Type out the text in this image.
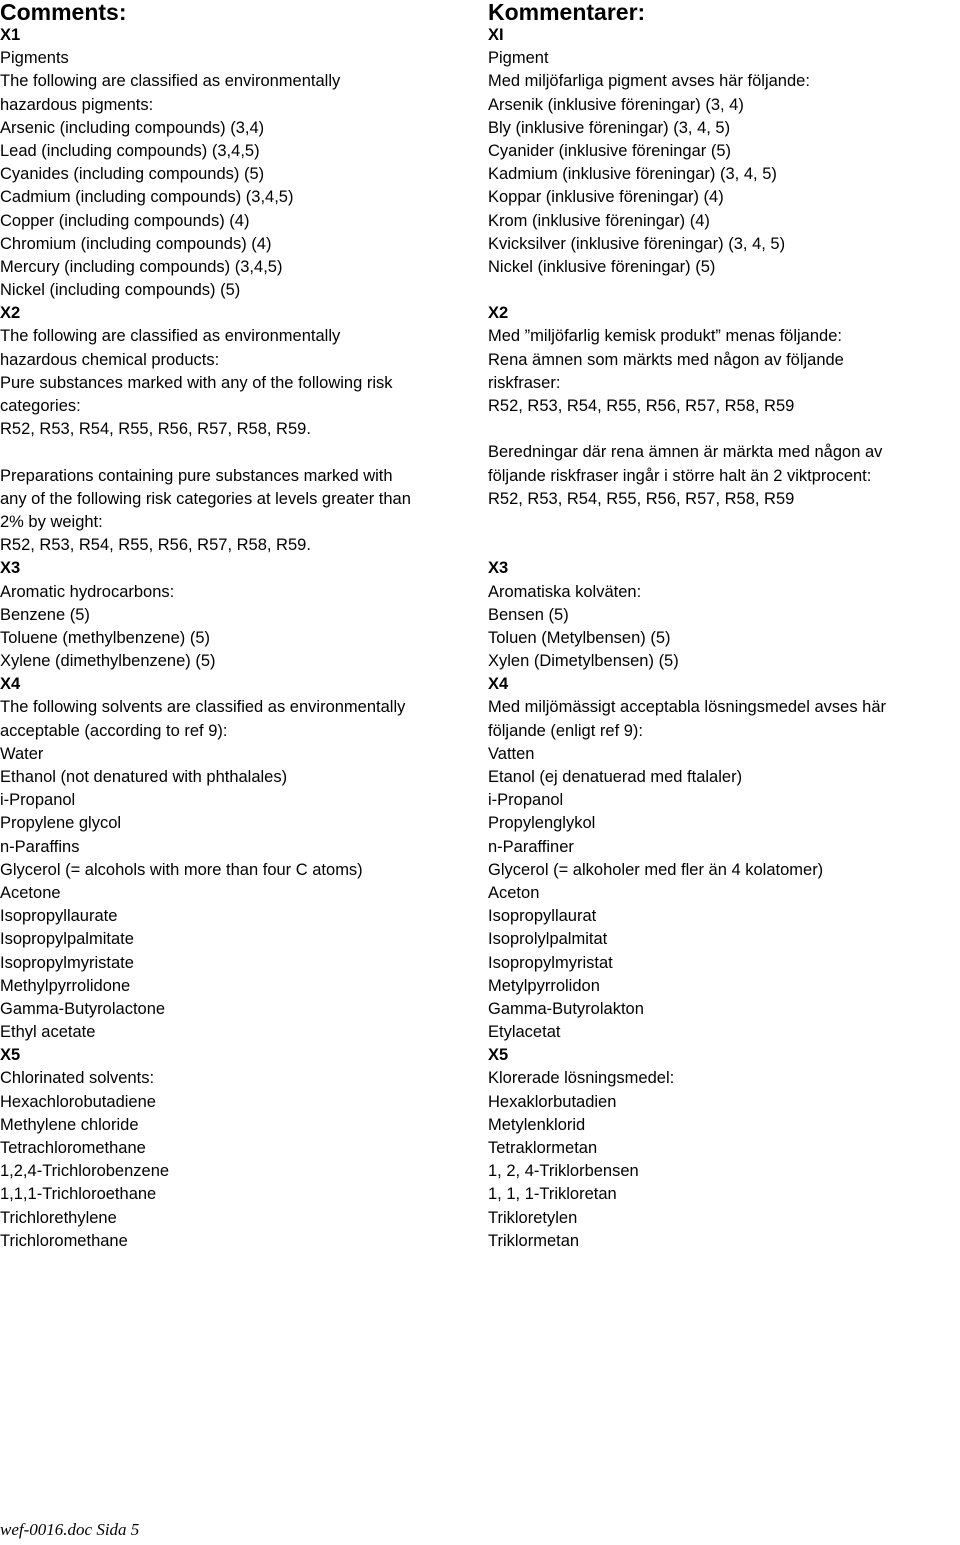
Comments:
X1
Pigments
The following are classified as environmentally
hazardous pigments:
Arsenic (including compounds) (3,4)
Lead (including compounds) (3,4,5)
Cyanides (including compounds) (5)
Cadmium (including compounds) (3,4,5)
Copper (including compounds) (4)
Chromium (including compounds) (4)
Mercury (including compounds) (3,4,5)
Nickel (including compounds) (5)
X2
The following are classified as environmentally
hazardous chemical products:
Pure substances marked with any of the following risk
categories:
R52, R53, R54, R55, R56, R57, R58, R59.
Preparations containing pure substances marked with
any of the following risk categories at levels greater than
2% by weight:
R52, R53, R54, R55, R56, R57, R58, R59.
X3
Aromatic hydrocarbons:
Benzene (5)
Toluene (methylbenzene) (5)
Xylene (dimethylbenzene) (5)
X4
The following solvents are classified as environmentally
acceptable (according to ref 9):
Water
Ethanol (not denatured with phthalales)
i-Propanol
Propylene glycol
n-Paraffins
Glycerol (= alcohols with more than four C atoms)
Acetone
Isopropyllaurate
Isopropylpalmitate
Isopropylmyristate
Methylpyrrolidone
Gamma-Butyrolactone
Ethyl acetate
X5
Chlorinated solvents:
Hexachlorobutadiene
Methylene chloride
Tetrachloromethane
1,2,4-Trichlorobenzene
1,1,1-Trichloroethane
Trichlorethylene
Trichloromethane
Kommentarer:
XI
Pigment
Med miljöfarliga pigment avses här följande:
Arsenik (inklusive föreningar) (3, 4)
Bly (inklusive föreningar) (3, 4, 5)
Cyanider (inklusive föreningar (5)
Kadmium (inklusive föreningar) (3, 4, 5)
Koppar (inklusive föreningar) (4)
Krom (inklusive föreningar) (4)
Kvicksilver (inklusive föreningar) (3, 4, 5)
Nickel (inklusive föreningar) (5)
X2
Med ”miljöfarlig kemisk produkt” menas följande:
Rena ämnen som märkts med någon av följande
riskfraser:
R52, R53, R54, R55, R56, R57, R58, R59
Beredningar där rena ämnen är märkta med någon av
följande riskfraser ingår i större halt än 2 viktprocent:
R52, R53, R54, R55, R56, R57, R58, R59
X3
Aromatiska kolväten:
Bensen (5)
Toluen (Metylbensen) (5)
Xylen (Dimetylbensen) (5)
X4
Med miljömässigt acceptabla lösningsmedel avses här
följande (enligt ref 9):
Vatten
Etanol (ej denatuerad med ftalaler)
i-Propanol
Propylenglykol
n-Paraffiner
Glycerol (= alkoholer med fler än 4 kolatomer)
Aceton
Isopropyllaurat
Isoprolylpalmitat
Isopropylmyristat
Metylpyrrolidon
Gamma-Butyrolakton
Etylacetat
X5
Klorerade lösningsmedel:
Hexaklorbutadien
Metylenklorid
Tetraklormetan
1, 2, 4-Triklorbensen
1, 1, 1-Trikloretan
Trikloretylen
Triklormetan
wef-0016.doc Sida 5
